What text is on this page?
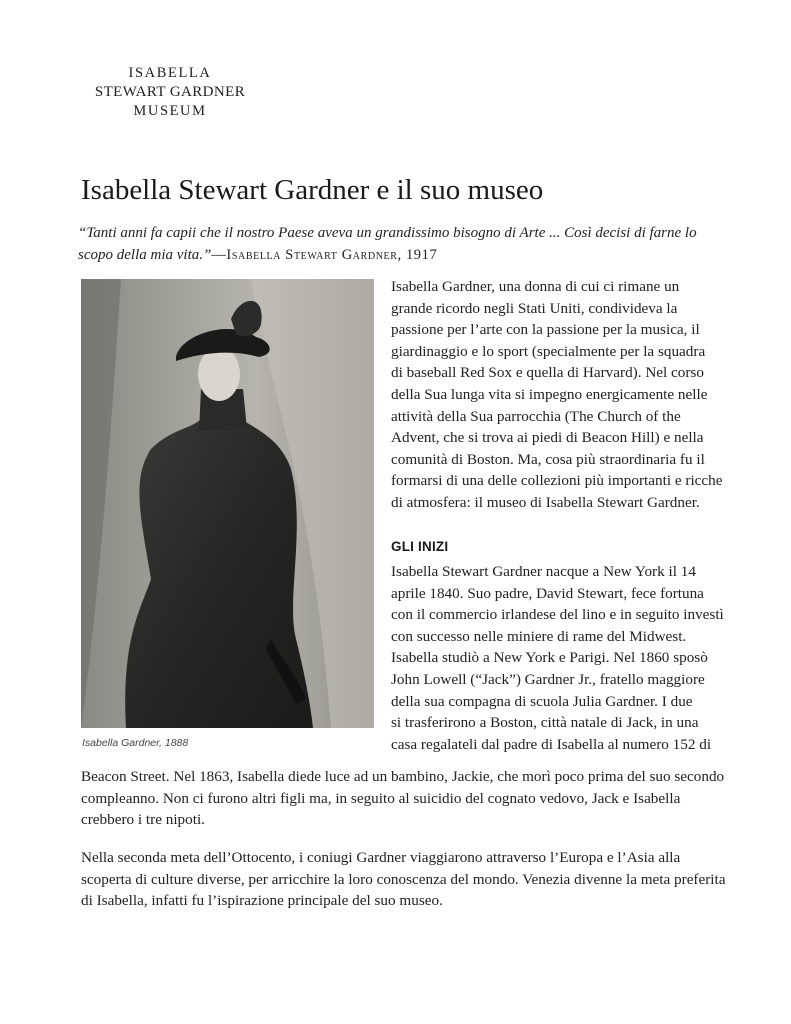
ISABELLA
STEWART GARDNER
MUSEUM
Isabella Stewart Gardner e il suo museo
“Tanti anni fa capii che il nostro Paese aveva un grandissimo bisogno di Arte ... Così decisi di farne lo scopo della mia vita.”—Isabella Stewart Gardner, 1917
Isabella Gardner, 1888
Isabella Gardner, una donna di cui ci rimane un
grande ricordo negli Stati Uniti, condivideva la
passione per l’arte con la passione per la musica, il
giardinaggio e lo sport (specialmente per la squadra
di baseball Red Sox e quella di Harvard). Nel corso
della Sua lunga vita si impegno energicamente nelle
attività della Sua parrocchia (The Church of the
Advent, che si trova ai piedi di Beacon Hill) e nella
comunità di Boston. Ma, cosa più straordinaria fu il
formarsi di una delle collezioni più importanti e ricche
di atmosfera: il museo di Isabella Stewart Gardner.
GLI INIZI
Isabella Stewart Gardner nacque a New York il 14
aprile 1840. Suo padre, David Stewart, fece fortuna
con il commercio irlandese del lino e in seguito investì
con successo nelle miniere di rame del Midwest.
Isabella studiò a New York e Parigi. Nel 1860 sposò
John Lowell (“Jack”) Gardner Jr., fratello maggiore
della sua compagna di scuola Julia Gardner. I due
si trasferirono a Boston, città natale di Jack, in una
casa regalateli dal padre di Isabella al numero 152 di
Beacon Street. Nel 1863, Isabella diede luce ad un bambino, Jackie, che morì poco prima del suo secondo compleanno. Non ci furono altri figli ma, in seguito al suicidio del cognato vedovo, Jack e Isabella crebbero i tre nipoti.
Nella seconda meta dell’Ottocento, i coniugi Gardner viaggiarono attraverso l’Europa e l’Asia alla scoperta di culture diverse, per arricchire la loro conoscenza del mondo. Venezia divenne la meta preferita di Isabella, infatti fu l’ispirazione principale del suo museo.
